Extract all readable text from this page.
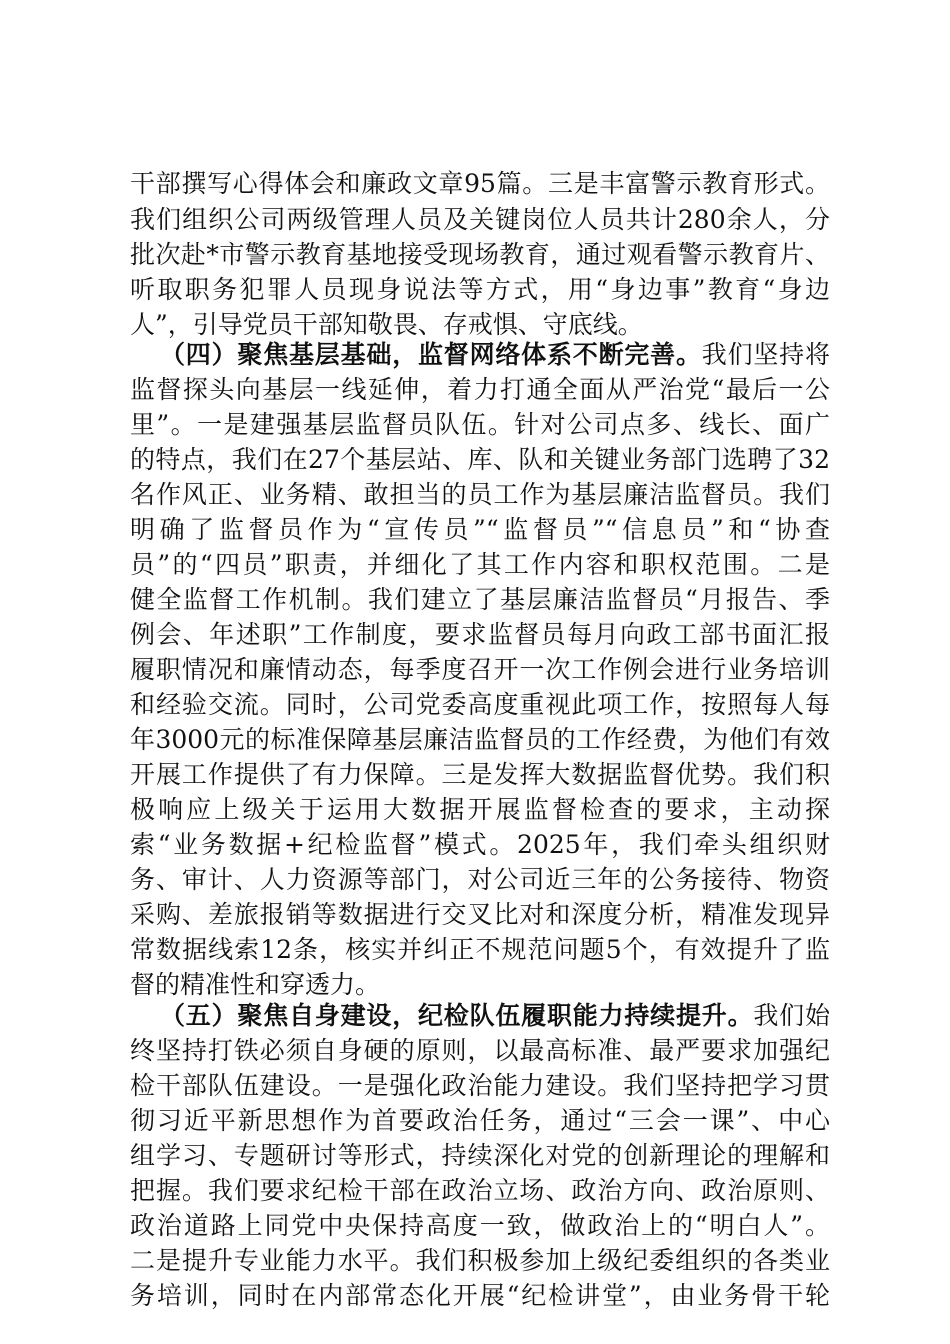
干部撰写心得体会和廉政文章95篇。三是丰富警示教育形式。
我们组织公司两级管理人员及关键岗位人员共计280余人，分
批次赴*市警示教育基地接受现场教育，通过观看警示教育片、
听取职务犯罪人员现身说法等方式，用“身边事”教育“身边
人”，引导党员干部知敬畏、存戒惧、守底线。
（四）聚焦基层基础，监督网络体系不断完善。我们坚持将
监督探头向基层一线延伸，着力打通全面从严治党“最后一公
里”。一是建强基层监督员队伍。针对公司点多、线长、面广
的特点，我们在27个基层站、库、队和关键业务部门选聘了32
名作风正、业务精、敢担当的员工作为基层廉洁监督员。我们
明确了监督员作为“宣传员”“监督员”“信息员”和“协查
员”的“四员”职责，并细化了其工作内容和职权范围。二是
健全监督工作机制。我们建立了基层廉洁监督员“月报告、季
例会、年述职”工作制度，要求监督员每月向政工部书面汇报
履职情况和廉情动态，每季度召开一次工作例会进行业务培训
和经验交流。同时，公司党委高度重视此项工作，按照每人每
年3000元的标准保障基层廉洁监督员的工作经费，为他们有效
开展工作提供了有力保障。三是发挥大数据监督优势。我们积
极响应上级关于运用大数据开展监督检查的要求，主动探
索“业务数据+纪检监督”模式。2025年，我们牵头组织财
务、审计、人力资源等部门，对公司近三年的公务接待、物资
采购、差旅报销等数据进行交叉比对和深度分析，精准发现异
常数据线索12条，核实并纠正不规范问题5个，有效提升了监
督的精准性和穿透力。
（五）聚焦自身建设，纪检队伍履职能力持续提升。我们始
终坚持打铁必须自身硬的原则，以最高标准、最严要求加强纪
检干部队伍建设。一是强化政治能力建设。我们坚持把学习贯
彻习近平新思想作为首要政治任务，通过“三会一课”、中心
组学习、专题研讨等形式，持续深化对党的创新理论的理解和
把握。我们要求纪检干部在政治立场、政治方向、政治原则、
政治道路上同党中央保持高度一致，做政治上的“明白人”。
二是提升专业能力水平。我们积极参加上级纪委组织的各类业
务培训，同时在内部常态化开展“纪检讲堂”，由业务骨干轮
